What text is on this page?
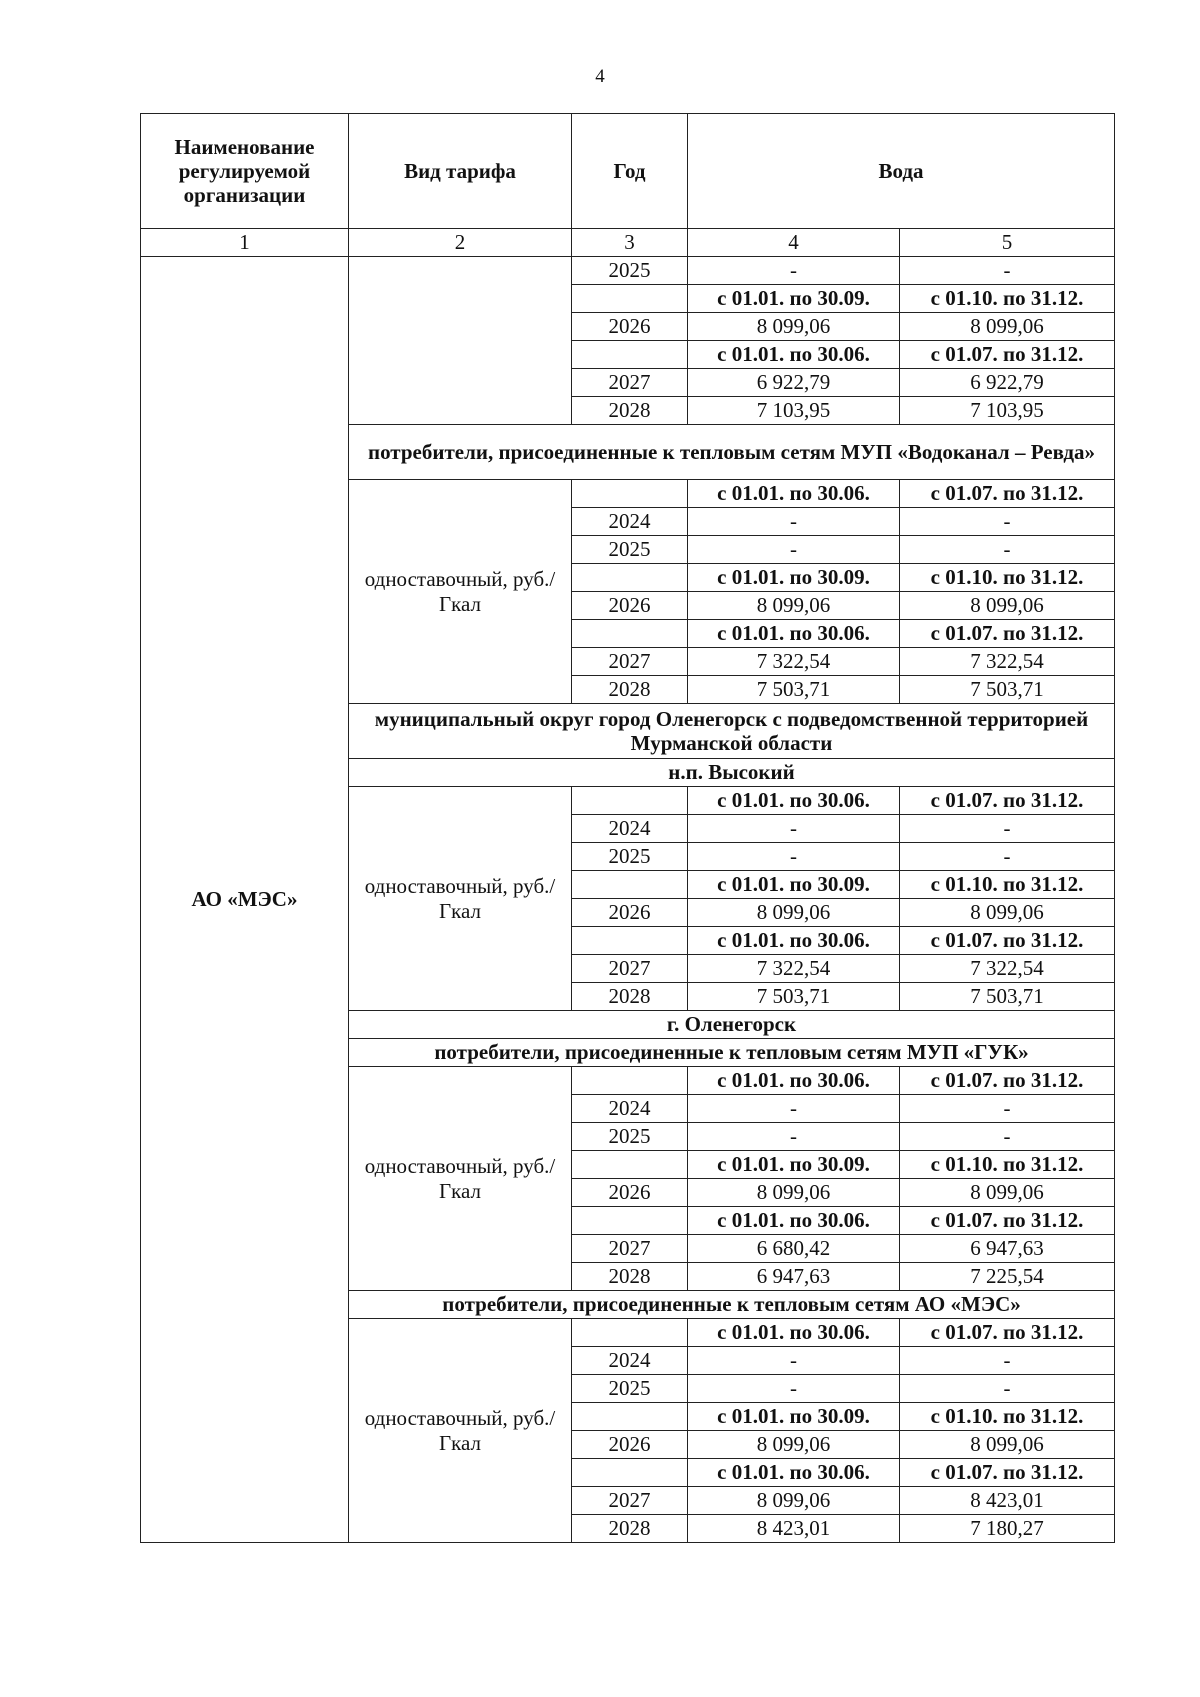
4
Наименование регулируемой организации	Вид тарифа	Год	Вода	
1	2	3	4	5
АО «МЭС»		2025	-	-
			с 01.01. по 30.09.	с 01.10. по 31.12.
		2026	8 099,06	8 099,06
			с 01.01. по 30.06.	с 01.07. по 31.12.
		2027	6 922,79	6 922,79
		2028	7 103,95	7 103,95
	потребители, присоединенные к тепловым сетям МУП «Водоканал – Ревда»			
	одноставочный, руб./Гкал		с 01.01. по 30.06.	с 01.07. по 31.12.
		2024	-	-
		2025	-	-
			с 01.01. по 30.09.	с 01.10. по 31.12.
		2026	8 099,06	8 099,06
			с 01.01. по 30.06.	с 01.07. по 31.12.
		2027	7 322,54	7 322,54
		2028	7 503,71	7 503,71
	муниципальный округ город Оленегорск с подведомственной территорией Мурманской области			
	н.п. Высокий			
	одноставочный, руб./Гкал		с 01.01. по 30.06.	с 01.07. по 31.12.
		2024	-	-
		2025	-	-
			с 01.01. по 30.09.	с 01.10. по 31.12.
		2026	8 099,06	8 099,06
			с 01.01. по 30.06.	с 01.07. по 31.12.
		2027	7 322,54	7 322,54
		2028	7 503,71	7 503,71
	г. Оленегорск			
	потребители, присоединенные к тепловым сетям МУП «ГУК»			
	одноставочный, руб./Гкал		с 01.01. по 30.06.	с 01.07. по 31.12.
		2024	-	-
		2025	-	-
			с 01.01. по 30.09.	с 01.10. по 31.12.
		2026	8 099,06	8 099,06
			с 01.01. по 30.06.	с 01.07. по 31.12.
		2027	6 680,42	6 947,63
		2028	6 947,63	7 225,54
	потребители, присоединенные к тепловым сетям АО «МЭС»			
	одноставочный, руб./Гкал		с 01.01. по 30.06.	с 01.07. по 31.12.
		2024	-	-
		2025	-	-
			с 01.01. по 30.09.	с 01.10. по 31.12.
		2026	8 099,06	8 099,06
			с 01.01. по 30.06.	с 01.07. по 31.12.
		2027	8 099,06	8 423,01
		2028	8 423,01	7 180,27
